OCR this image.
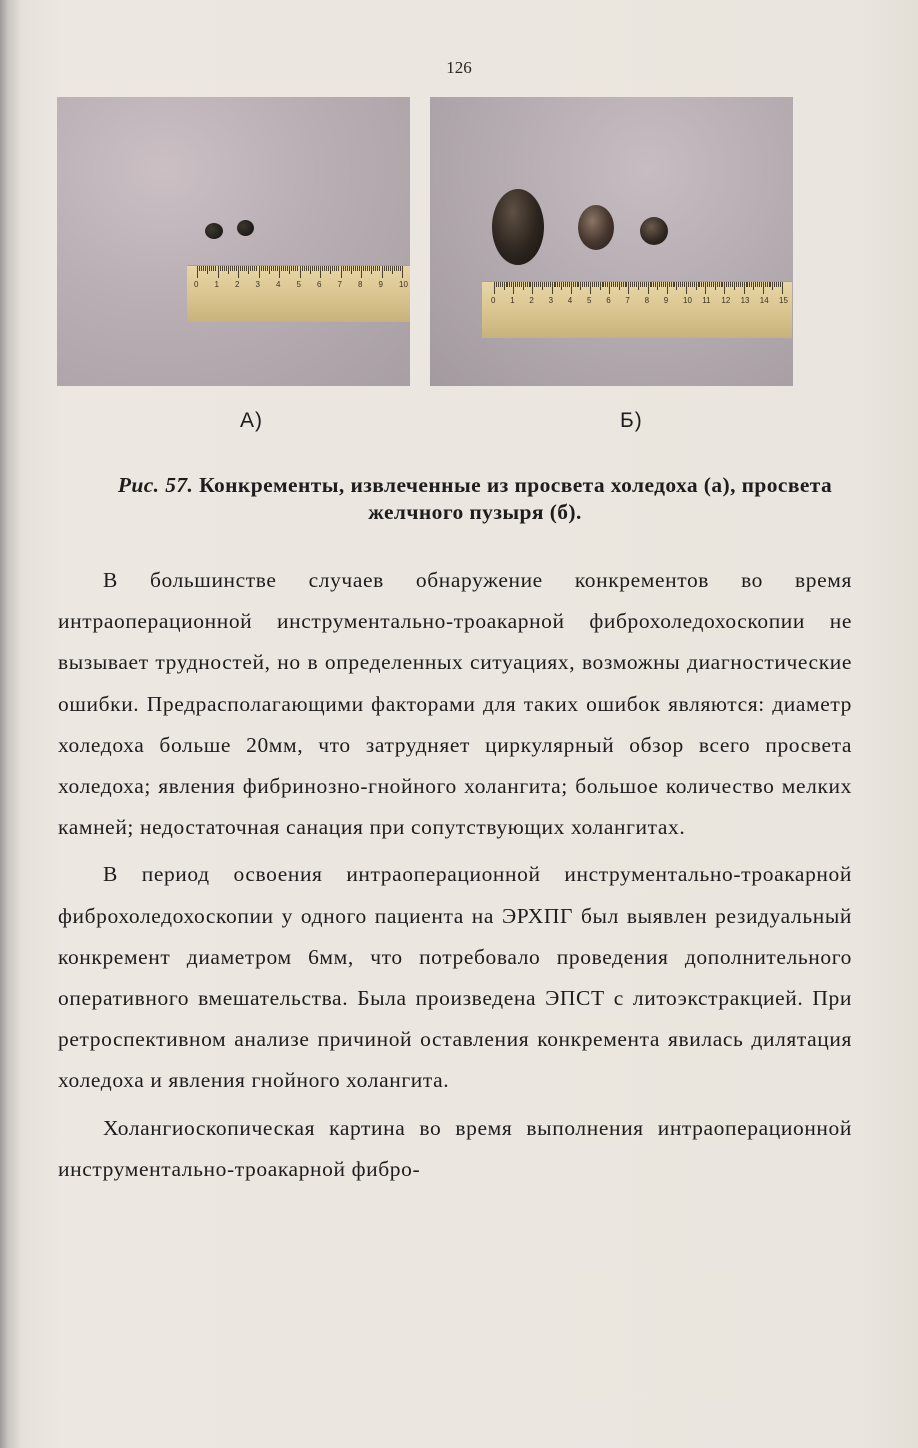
126
0 1 2 3 4 5 6 7 8 9 10
0 1 2 3 4 5 6 7 8 9 10 11 12 13 14 15
А)	Б)
Рис. 57. Конкременты, извлеченные из просвета холедоха (а), просвета желчного пузыря (б).

В большинстве случаев обнаружение конкрементов во время интраоперационной инструментально-троакарной фиброхоледохоскопии не вызывает трудностей, но в определенных ситуациях, возможны диагностические ошибки. Предрасполагающими факторами для таких ошибок являются: диаметр холедоха больше 20мм, что затрудняет циркулярный обзор всего просвета холедоха; явления фибринозно-гнойного холангита; большое количество мелких камней; недостаточная санация при сопутствующих холангитах.

В период освоения интраоперационной инструментально-троакарной фиброхоледохоскопии у одного пациента на ЭРХПГ был выявлен резидуальный конкремент диаметром 6мм, что потребовало проведения дополнительного оперативного вмешательства. Была произведена ЭПСТ с литоэкстракцией. При ретроспективном анализе причиной оставления конкремента явилась дилятация холедоха и явления гнойного холангита.

Холангиоскопическая картина во время выполнения интраоперационной инструментально-троакарной фибро-
